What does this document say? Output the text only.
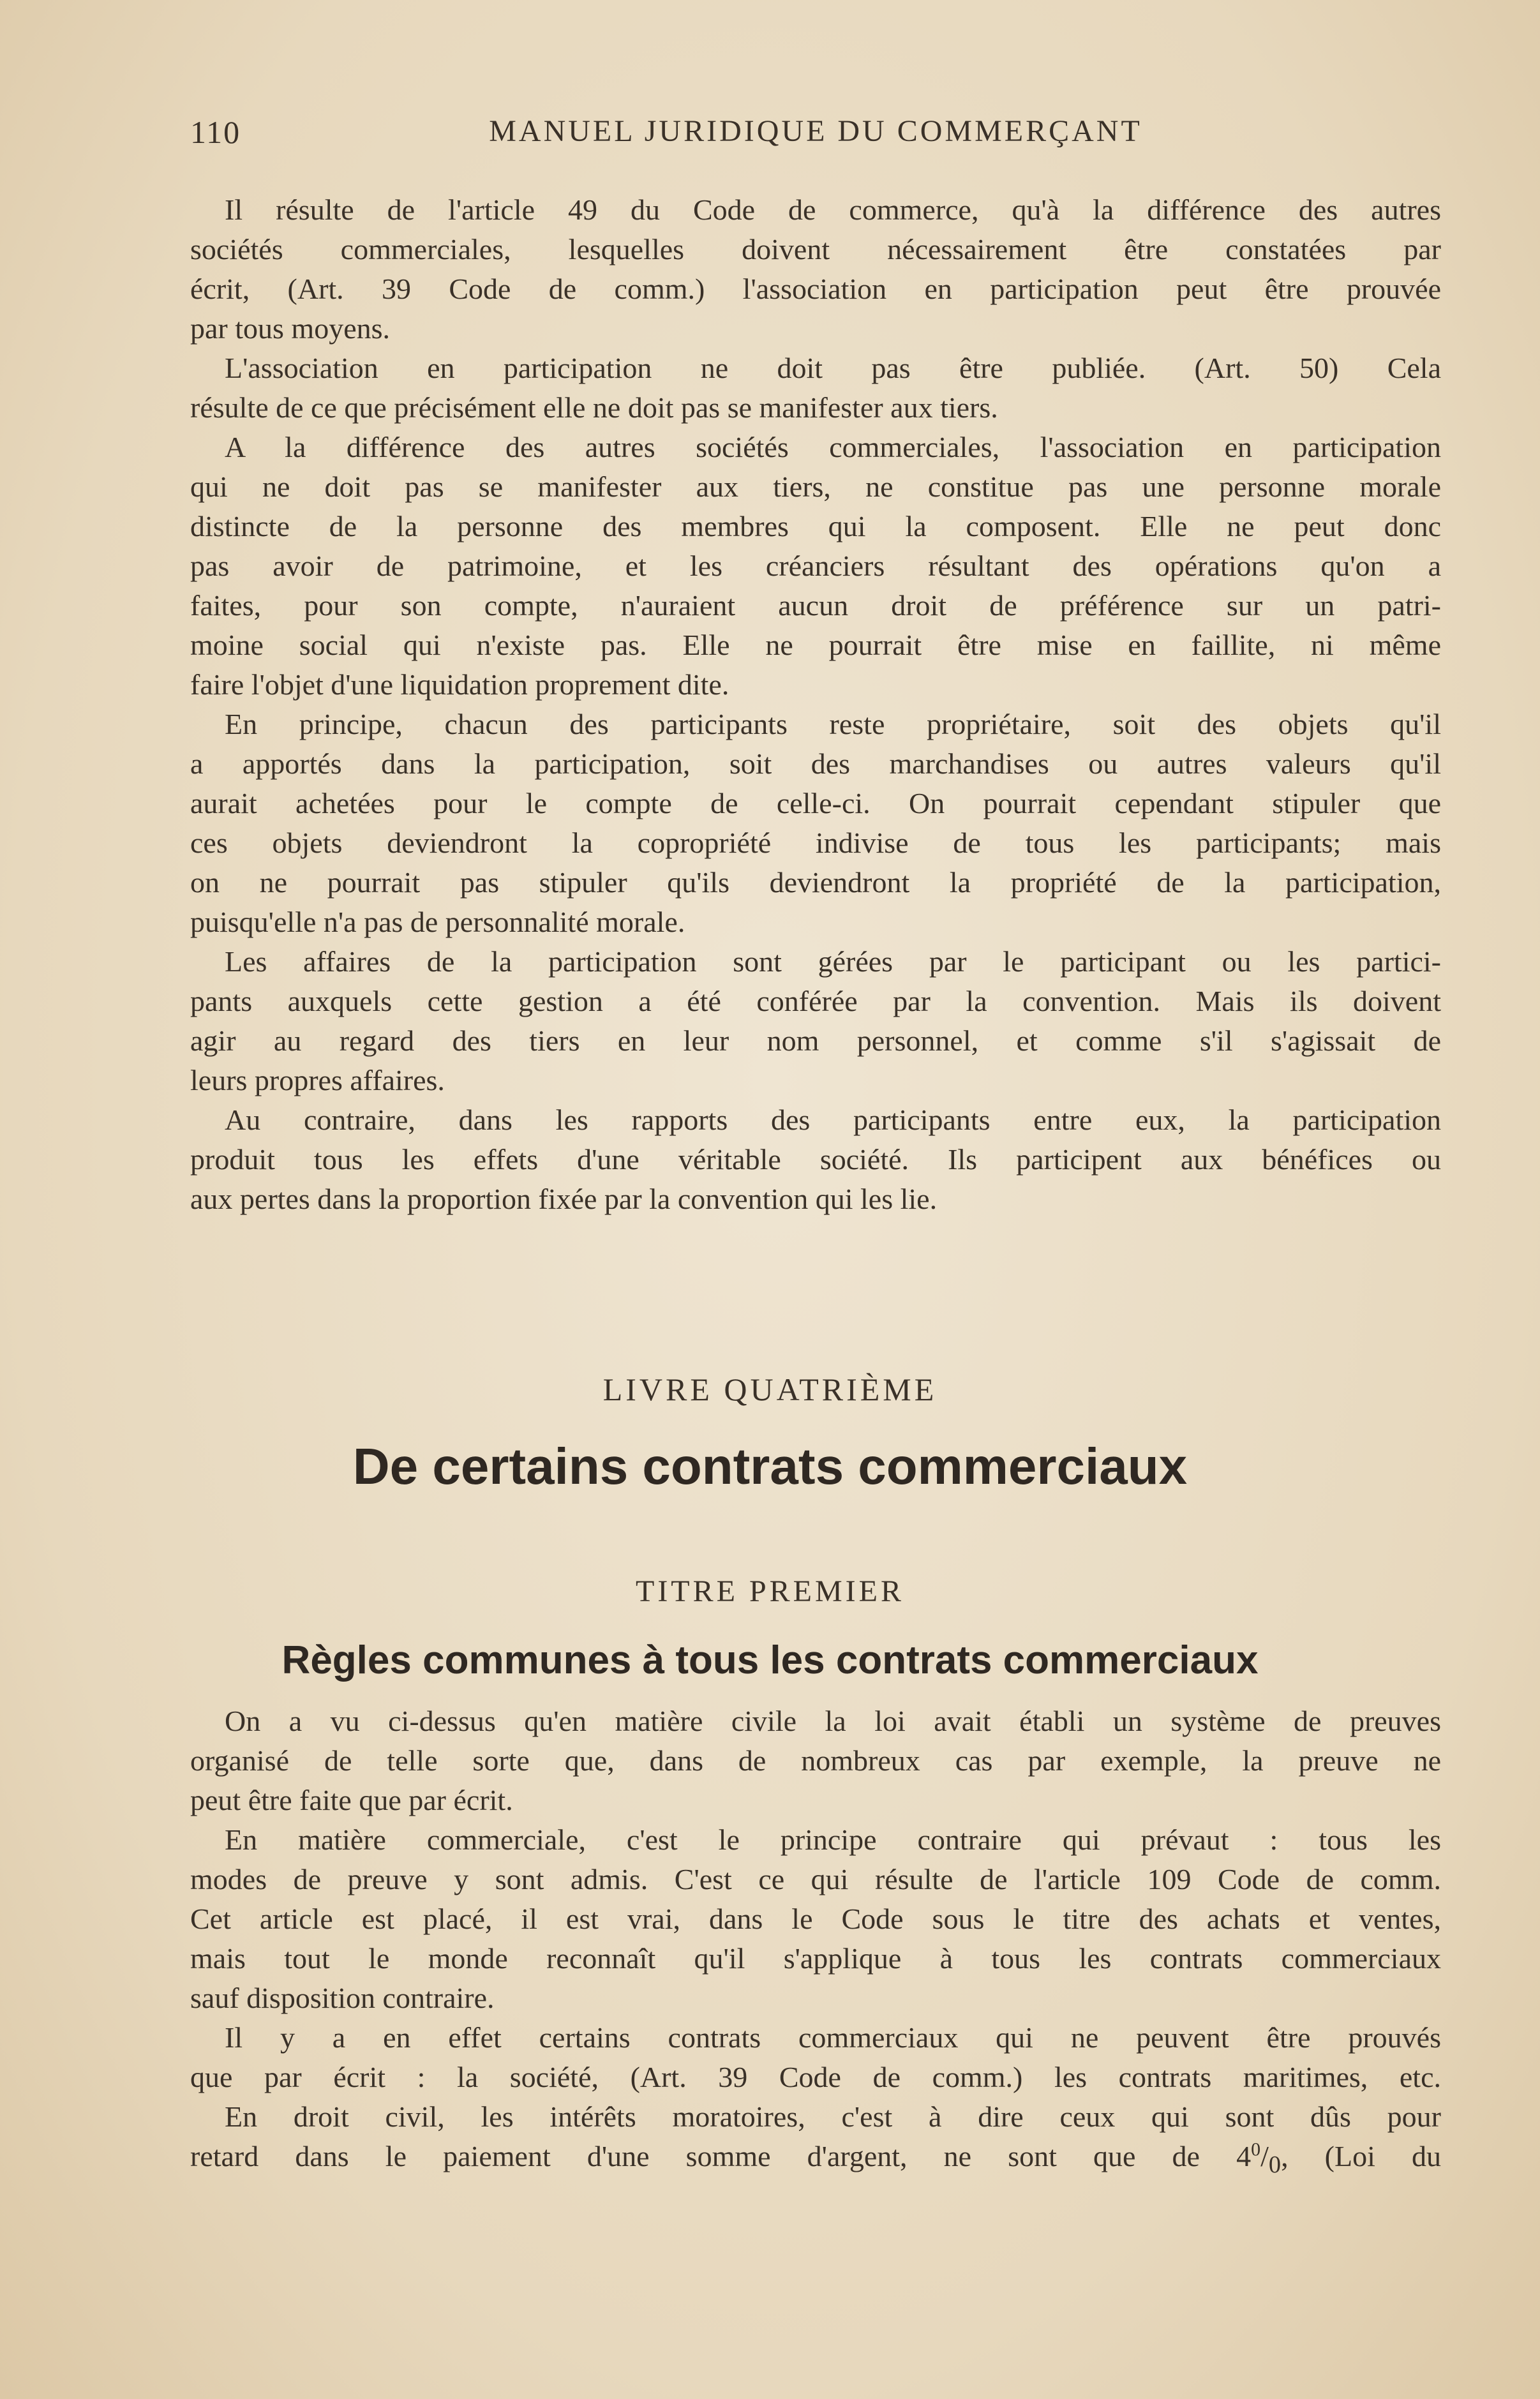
110	MANUEL JURIDIQUE DU COMMERÇANT
Il résulte de l'article 49 du Code de commerce, qu'à la différence des autres
sociétés commerciales, lesquelles doivent nécessairement être constatées par
écrit, (Art. 39 Code de comm.) l'association en participation peut être prouvée
par tous moyens.
L'association en participation ne doit pas être publiée. (Art. 50) Cela
résulte de ce que précisément elle ne doit pas se manifester aux tiers.
A la différence des autres sociétés commerciales, l'association en participation
qui ne doit pas se manifester aux tiers, ne constitue pas une personne morale
distincte de la personne des membres qui la composent. Elle ne peut donc
pas avoir de patrimoine, et les créanciers résultant des opérations qu'on a
faites, pour son compte, n'auraient aucun droit de préférence sur un patri-
moine social qui n'existe pas. Elle ne pourrait être mise en faillite, ni même
faire l'objet d'une liquidation proprement dite.
En principe, chacun des participants reste propriétaire, soit des objets qu'il
a apportés dans la participation, soit des marchandises ou autres valeurs qu'il
aurait achetées pour le compte de celle-ci. On pourrait cependant stipuler que
ces objets deviendront la copropriété indivise de tous les participants; mais
on ne pourrait pas stipuler qu'ils deviendront la propriété de la participation,
puisqu'elle n'a pas de personnalité morale.
Les affaires de la participation sont gérées par le participant ou les partici-
pants auxquels cette gestion a été conférée par la convention. Mais ils doivent
agir au regard des tiers en leur nom personnel, et comme s'il s'agissait de
leurs propres affaires.
Au contraire, dans les rapports des participants entre eux, la participation
produit tous les effets d'une véritable société. Ils participent aux bénéfices ou
aux pertes dans la proportion fixée par la convention qui les lie.
LIVRE QUATRIÈME
De certains contrats commerciaux
TITRE PREMIER
Règles communes à tous les contrats commerciaux
On a vu ci-dessus qu'en matière civile la loi avait établi un système de preuves
organisé de telle sorte que, dans de nombreux cas par exemple, la preuve ne
peut être faite que par écrit.
En matière commerciale, c'est le principe contraire qui prévaut : tous les
modes de preuve y sont admis. C'est ce qui résulte de l'article 109 Code de comm.
Cet article est placé, il est vrai, dans le Code sous le titre des achats et ventes,
mais tout le monde reconnaît qu'il s'applique à tous les contrats commerciaux
sauf disposition contraire.
Il y a en effet certains contrats commerciaux qui ne peuvent être prouvés
que par écrit : la société, (Art. 39 Code de comm.) les contrats maritimes, etc.
En droit civil, les intérêts moratoires, c'est à dire ceux qui sont dûs pour
retard dans le paiement d'une somme d'argent, ne sont que de $4^0/_0$, (Loi du
